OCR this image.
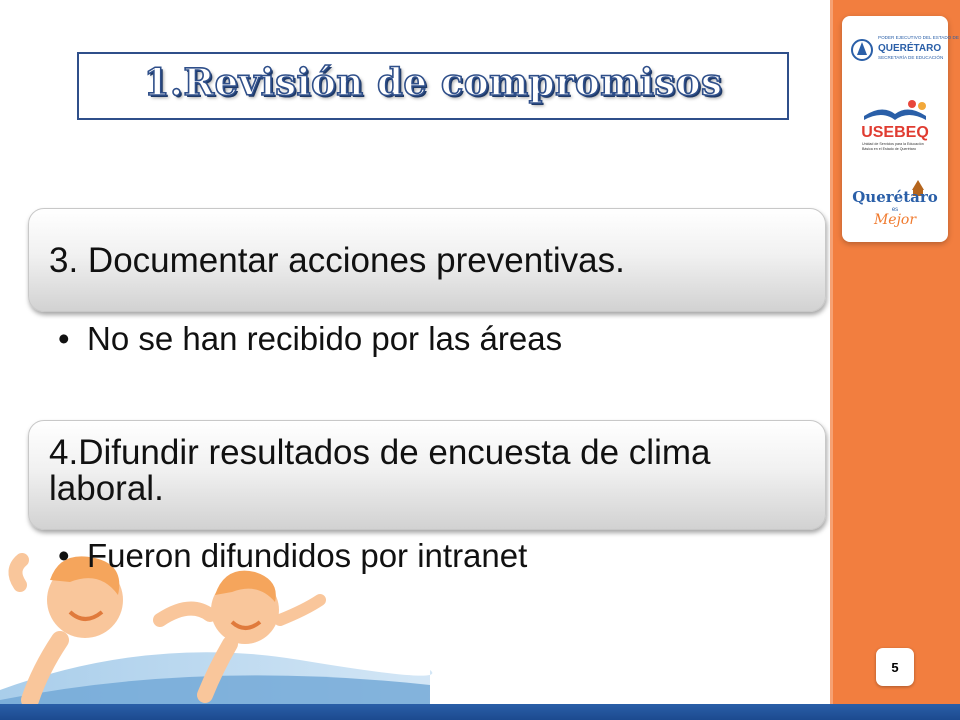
1.Revisión de compromisos
3. Documentar acciones preventivas.
• No se han recibido por las áreas
4.Difundir resultados de encuesta de clima laboral.
• Fueron difundidos por intranet
PODER EJECUTIVO DEL ESTADO DE
QUERÉTARO
SECRETARÍA DE EDUCACIÓN
USEBEQ
Unidad de Servicios para la Educación
Básica en el Estado de Querétaro
Querétaro
es
Mejor
5
